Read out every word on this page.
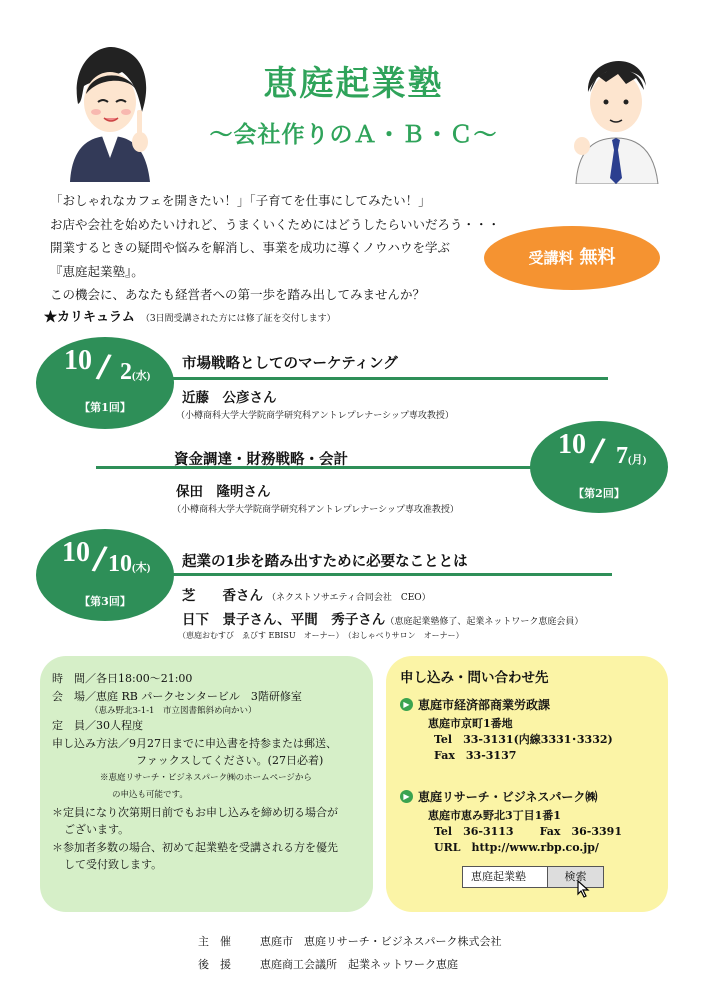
恵庭起業塾
〜会社作りのＡ・Ｂ・Ｃ〜
「おしゃれなカフェを開きたい！」「子育てを仕事にしてみたい！」
お店や会社を始めたいけれど、うまくいくためにはどうしたらいいだろう・・・
開業するときの疑問や悩みを解消し、事業を成功に導くノウハウを学ぶ
『恵庭起業塾』。
この機会に、あなたも経営者への第一歩を踏み出してみませんか？
受講料 無料
★カリキュラム （3日間受講された方には修了証を交付します）
10 / 2(水)
【第1回】
市場戦略としてのマーケティング
近藤　公彦さん
（小樽商科大学大学院商学研究科アントレプレナーシップ専攻教授）
10 / 7(月)
【第2回】
資金調達・財務戦略・会計
保田　隆明さん
（小樽商科大学大学院商学研究科アントレプレナーシップ専攻准教授）
10 / 10(木)
【第3回】
起業の1歩を踏み出すために必要なこととは
芝　　香さん （ネクストソサエティ合同会社　CEO）
日下　景子さん、平間　秀子さん（恵庭起業塾修了、起業ネットワーク恵庭会員）
（恵庭おむすび　ゑびす EBISU　オーナー）　（おしゃべりサロン　オーナー）
時　間／各日18:00〜21:00
会　場／恵庭 RB パークセンタービル　3階研修室
（恵み野北3-1-1　市立図書館斜め向かい）
定　員／30人程度
申し込み方法／9月27日までに申込書を持参または郵送、
ファックスしてください。(27日必着)
※恵庭リサーチ・ビジネスパーク㈱のホームページから
の申込も可能です。
＊定員になり次第期日前でもお申し込みを締め切る場合が
ございます。
＊参加者多数の場合、初めて起業塾を受講される方を優先
して受付致します。
申し込み・問い合わせ先
▶ 恵庭市経済部商業労政課
恵庭市京町1番地
Tel　33-3131(内線3331･3332)
Fax　33-3137
▶ 恵庭リサーチ・ビジネスパーク㈱
恵庭市恵み野北3丁目1番1
Tel　36-3113 Fax　36-3391
URL　http://www.rbp.co.jp/
恵庭起業塾	検索
主　催	恵庭市　恵庭リサーチ・ビジネスパーク株式会社
後　援	恵庭商工会議所　起業ネットワーク恵庭
